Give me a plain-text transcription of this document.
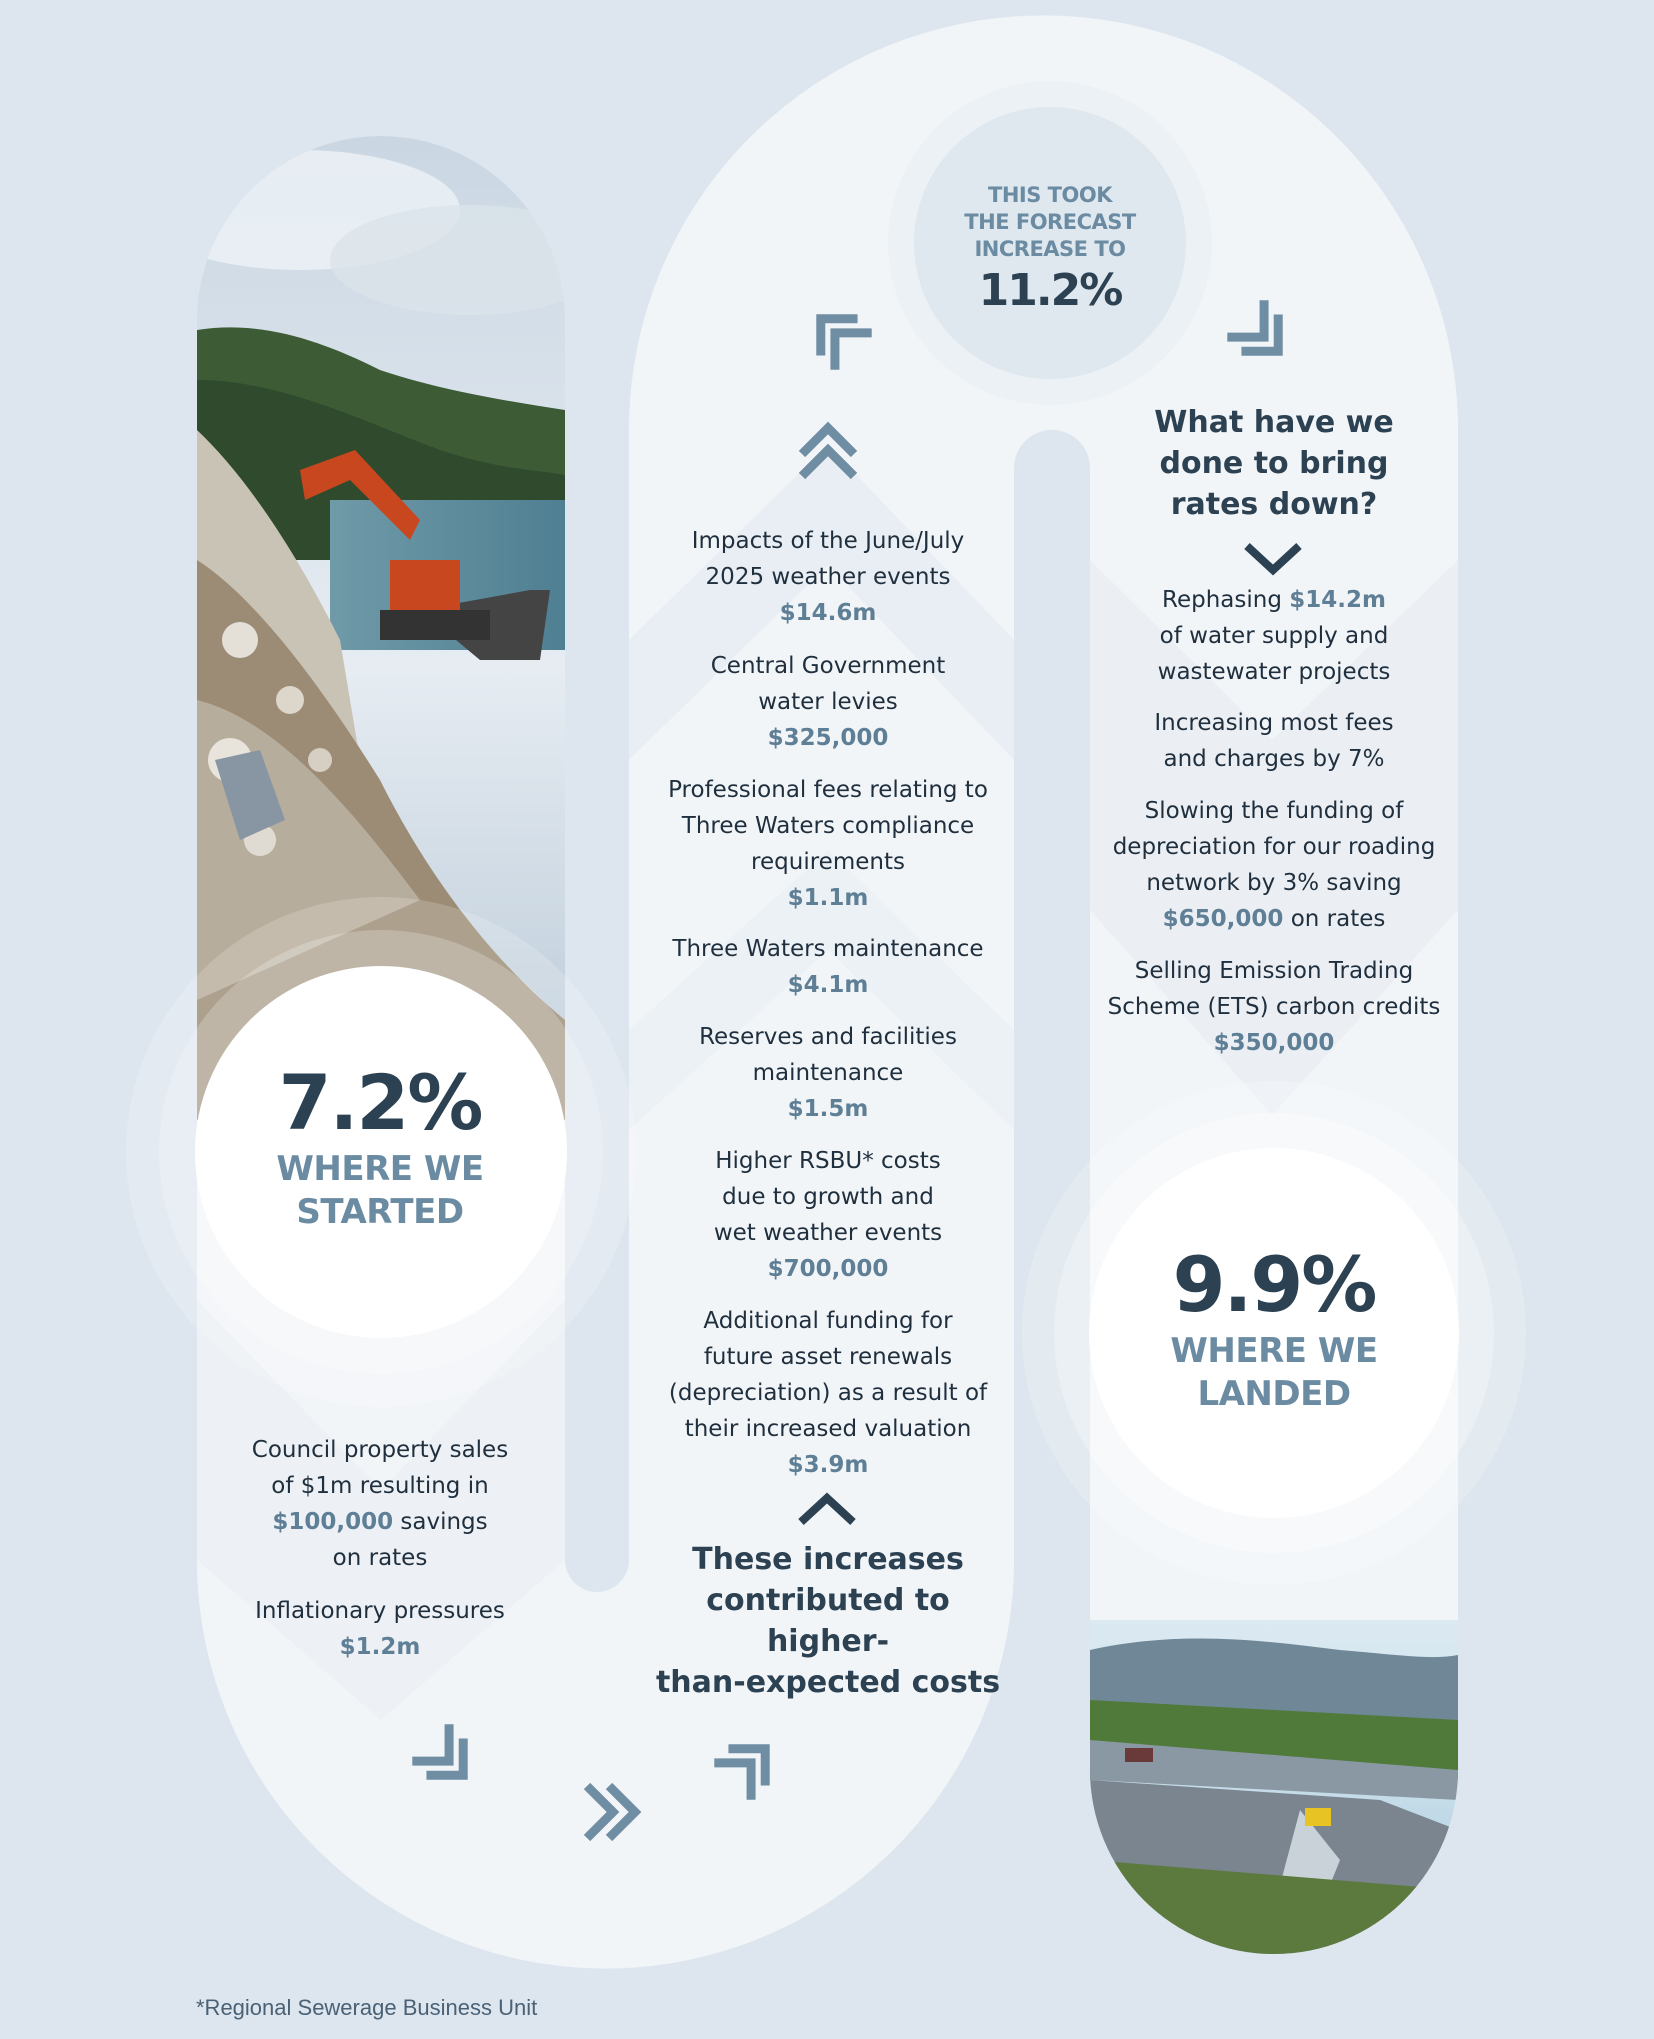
THIS TOOK
THE FORECAST
INCREASE TO
11.2%
7.2%
WHERE WE
STARTED
9.9%
WHERE WE
LANDED
Council property sales
of $1m resulting in
$100,000 savings
on rates
Inflationary pressures
$1.2m
Impacts of the June/July
2025 weather events
$14.6m
Central Government
water levies
$325,000
Professional fees relating to
Three Waters compliance
requirements
$1.1m
Three Waters maintenance
$4.1m
Reserves and facilities
maintenance
$1.5m
Higher RSBU* costs
due to growth and
wet weather events
$700,000
Additional funding for
future asset renewals
(depreciation) as a result of
their increased valuation
$3.9m
These increases
contributed to higher-
than-expected costs
What have we
done to bring
rates down?
Rephasing $14.2m
of water supply and
wastewater projects
Increasing most fees
and charges by 7%
Slowing the funding of
depreciation for our roading
network by 3% saving
$650,000 on rates
Selling Emission Trading
Scheme (ETS) carbon credits
$350,000
*Regional Sewerage Business Unit
